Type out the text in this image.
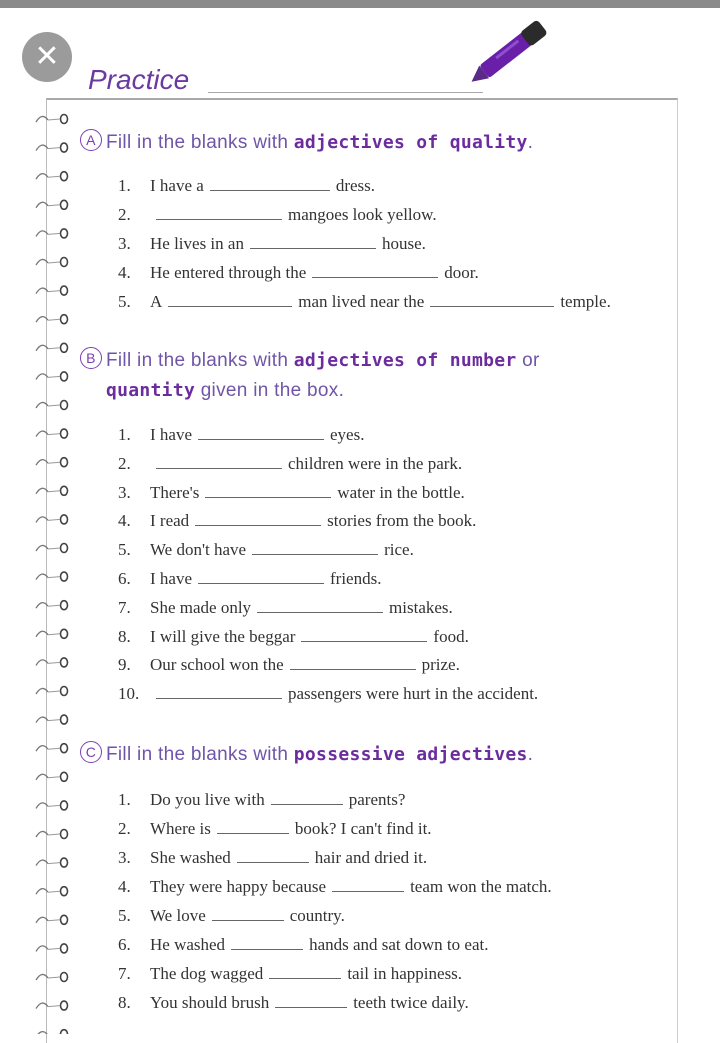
✕
Practice
A Fill in the blanks with adjectives of quality.
1.	I have a	dress.
2.	mangoes look yellow.
3.	He lives in an	house.
4.	He entered through the	door.
5.	A	man lived near the	temple.
B Fill in the blanks with adjectives of number or
quantity given in the box.
1.	I have	eyes.
2.	children were in the park.
3.	There's	water in the bottle.
4.	I read	stories from the book.
5.	We don't have	rice.
6.	I have	friends.
7.	She made only	mistakes.
8.	I will give the beggar	food.
9.	Our school won the	prize.
10.	passengers were hurt in the accident.
C Fill in the blanks with possessive adjectives.
1.	Do you live with	parents?
2.	Where is	book? I can't find it.
3.	She washed	hair and dried it.
4.	They were happy because	team won the match.
5.	We love	country.
6.	He washed	hands and sat down to eat.
7.	The dog wagged	tail in happiness.
8.	You should brush	teeth twice daily.
